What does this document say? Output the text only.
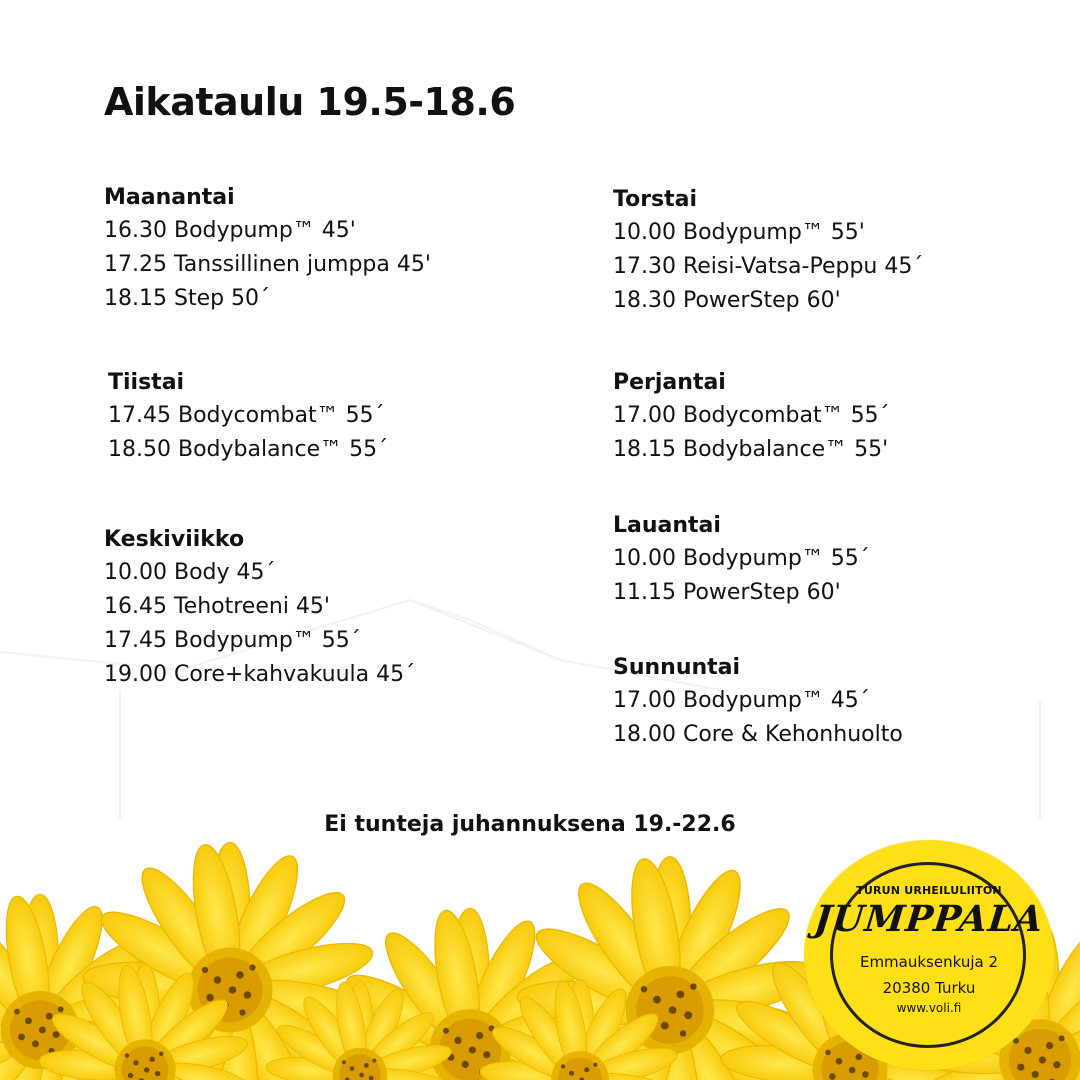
Aikataulu 19.5-18.6

Maanantai

16.30 Bodypump™ 45'

17.25 Tanssillinen jumppa 45'

18.15 Step 50´

Tiistai

17.45 Bodycombat™ 55´

18.50 Bodybalance™ 55´

Keskiviikko

10.00 Body 45´

16.45 Tehotreeni 45'

17.45 Bodypump™ 55´

19.00 Core+kahvakuula 45´

Torstai

10.00 Bodypump™ 55'

17.30 Reisi-Vatsa-Peppu 45´

18.30 PowerStep 60'

Perjantai

17.00 Bodycombat™ 55´

18.15 Bodybalance™ 55'

Lauantai

10.00 Bodypump™ 55´

11.15 PowerStep 60'

Sunnuntai

17.00 Bodypump™ 45´

18.00 Core & Kehonhuolto

Ei tunteja juhannuksena 19.-22.6

TURUN URHEILULIITON
JUMPPALA
Emmauksenkuja 2
20380 Turku
www.voli.fi
